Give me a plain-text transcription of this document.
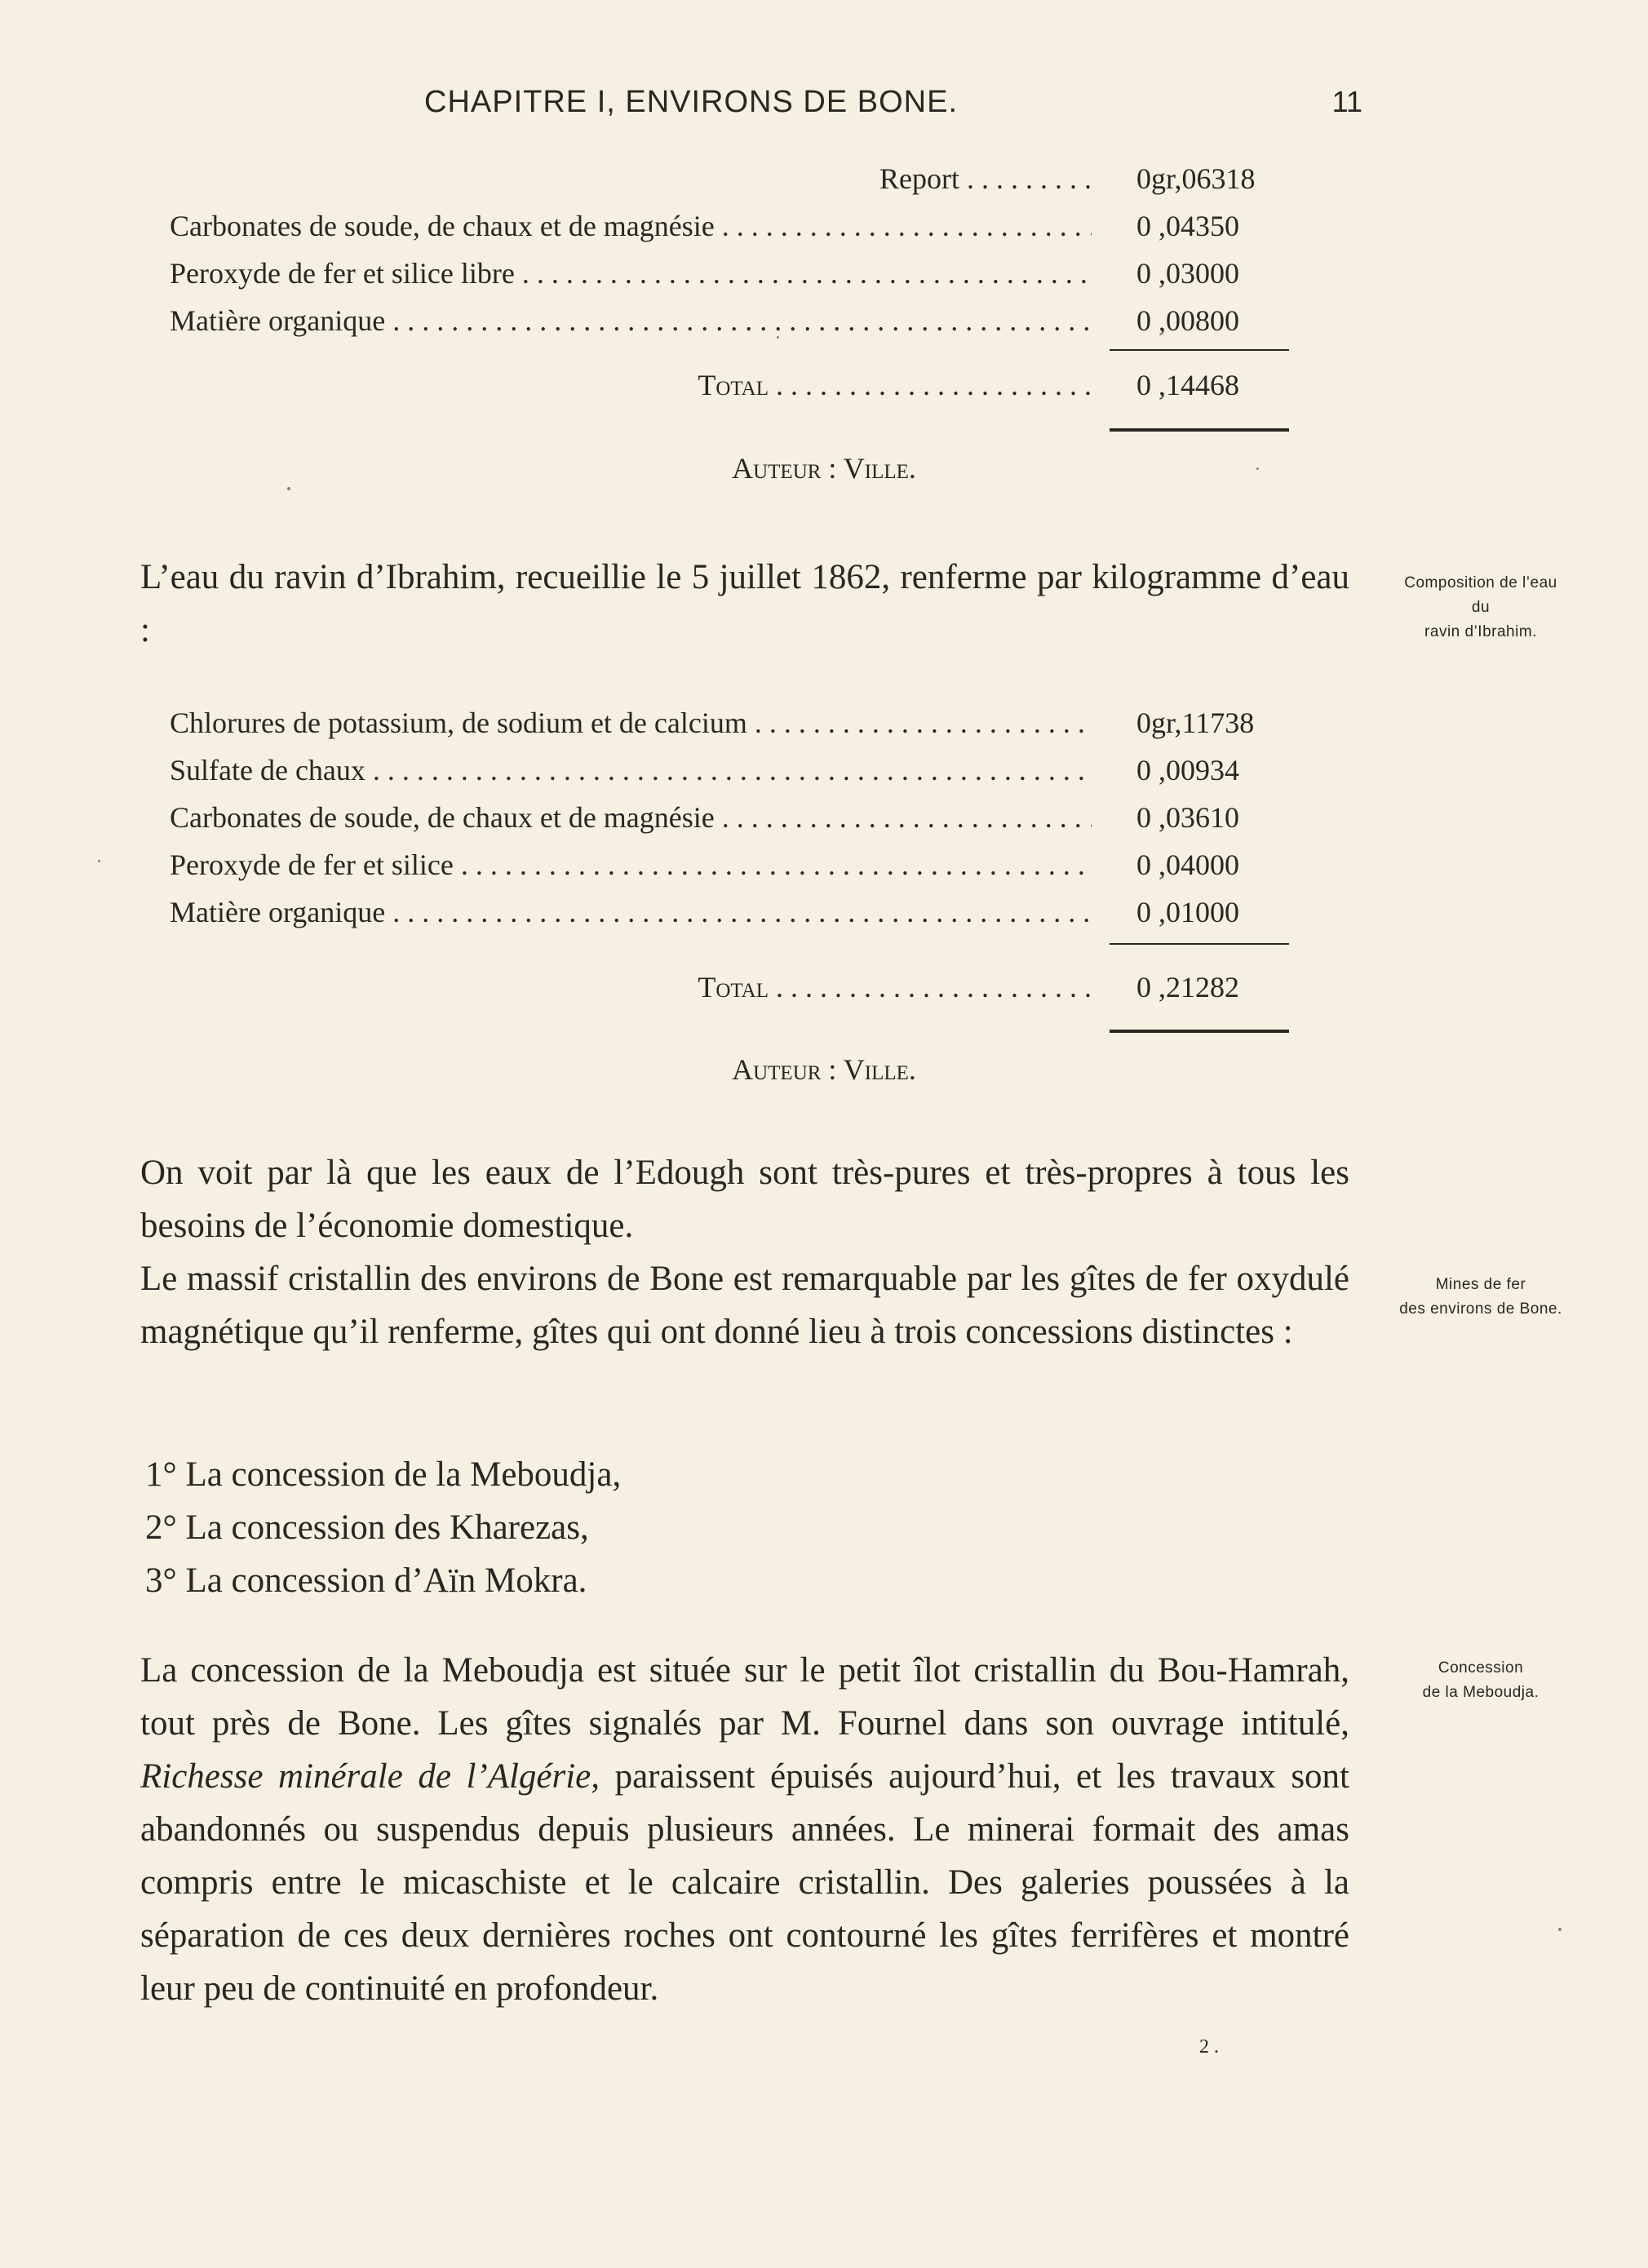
CHAPITRE I, ENVIRONS DE BONE.	11
Report . . .	0gr,06318
Carbonates de soude, de chaux et de magnésie . . .	0 ,04350
Peroxyde de fer et silice libre . . .	0 ,03000
Matière organique . . .	0 ,00800
Total . . .	0 ,14468
Auteur : Ville.

L’eau du ravin d’Ibrahim, recueillie le 5 juillet 1862, renferme par kilogramme d’eau :

Chlorures de potassium, de sodium et de calcium . . .	0gr,11738
Sulfate de chaux . . .	0 ,00934
Carbonates de soude, de chaux et de magnésie . . .	0 ,03610
Peroxyde de fer et silice . . .	0 ,04000
Matière organique . . .	0 ,01000
Total . . .	0 ,21282
Auteur : Ville.

On voit par là que les eaux de l’Edough sont très-pures et très-propres à tous les besoins de l’économie domestique.

Le massif cristallin des environs de Bone est remarquable par les gîtes de fer oxydulé magnétique qu’il renferme, gîtes qui ont donné lieu à trois concessions distinctes :

1° La concession de la Meboudja,
2° La concession des Kharezas,
3° La concession d’Aïn Mokra.

La concession de la Meboudja est située sur le petit îlot cristallin du Bou-Hamrah, tout près de Bone. Les gîtes signalés par M. Fournel dans son ouvrage intitulé, Richesse minérale de l’Algérie, paraissent épuisés aujourd’hui, et les travaux sont abandonnés ou suspendus depuis plusieurs années. Le minerai formait des amas compris entre le micaschiste et le calcaire cristallin. Des galeries poussées à la séparation de ces deux dernières roches ont contourné les gîtes ferrifères et montré leur peu de continuité en profondeur.

Composition de l’eau
du
ravin d’Ibrahim.
Mines de fer
des environs de Bone.
Concession
de la Meboudja.
2 .
